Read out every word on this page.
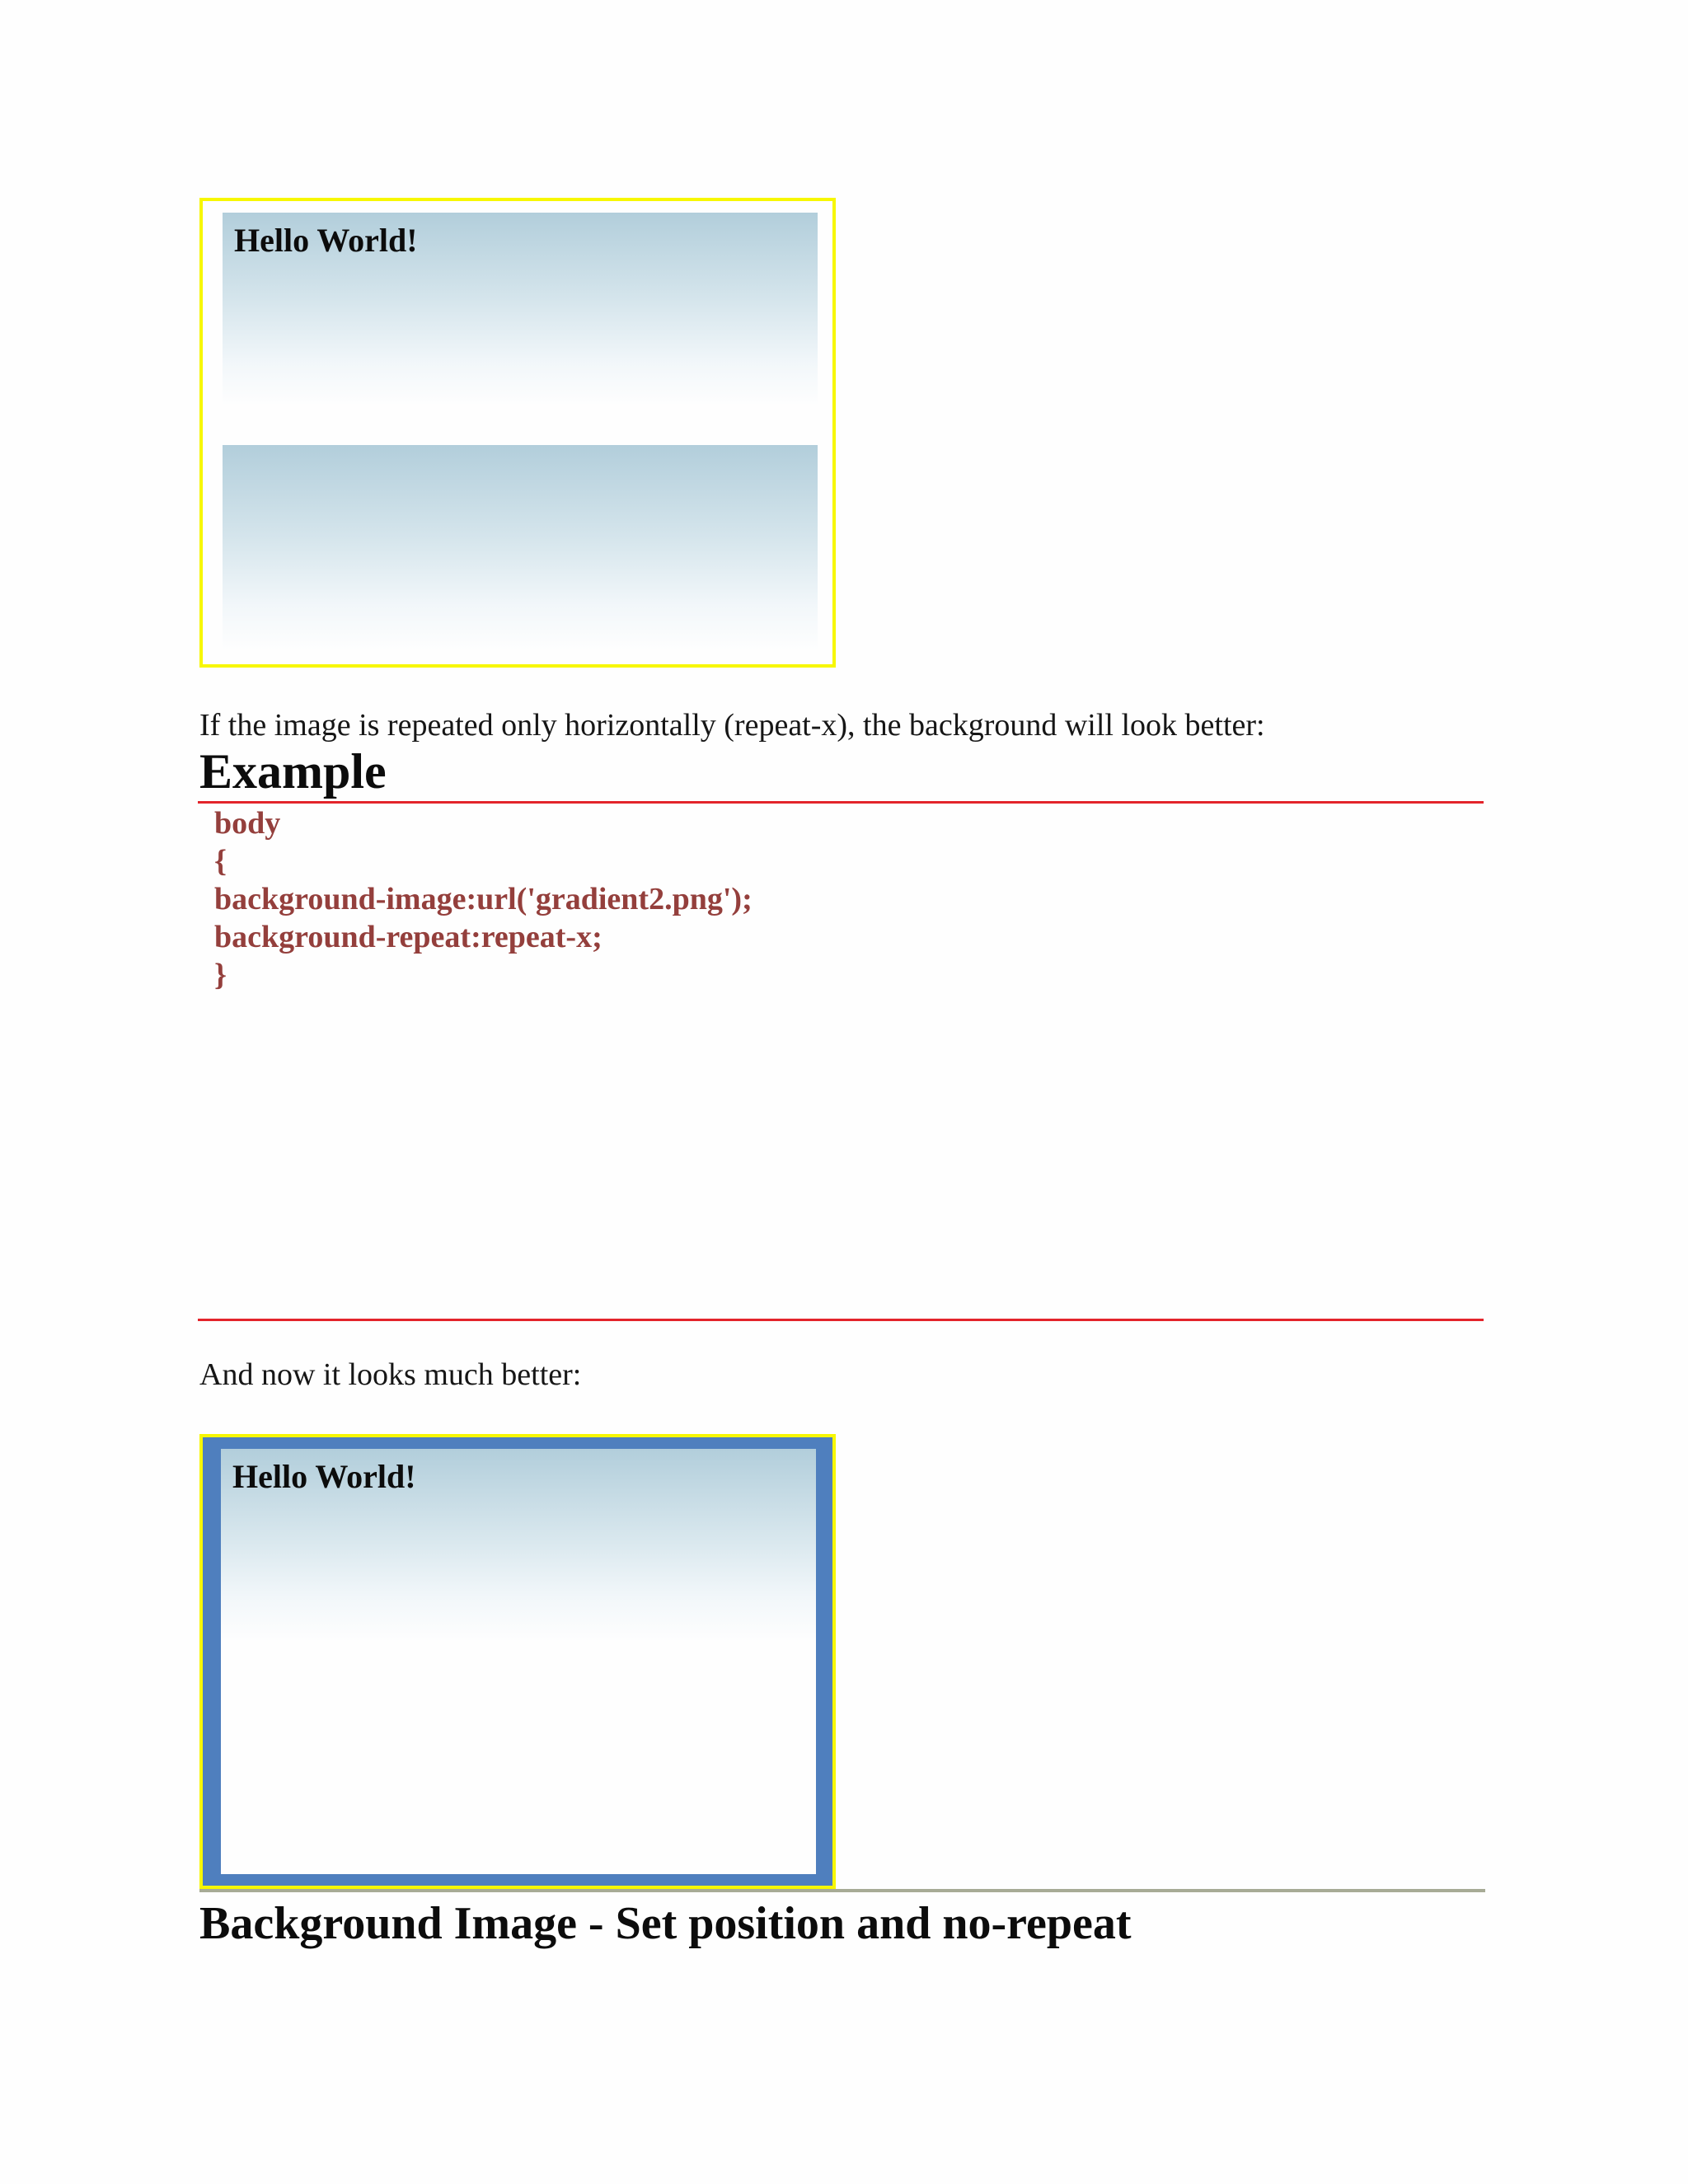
Hello World!

If the image is repeated only horizontally (repeat-x), the background will look better:

Example
body
{
background-image:url('gradient2.png');
background-repeat:repeat-x;
}

And now it looks much better:

Hello World!
Background Image - Set position and no-repeat
